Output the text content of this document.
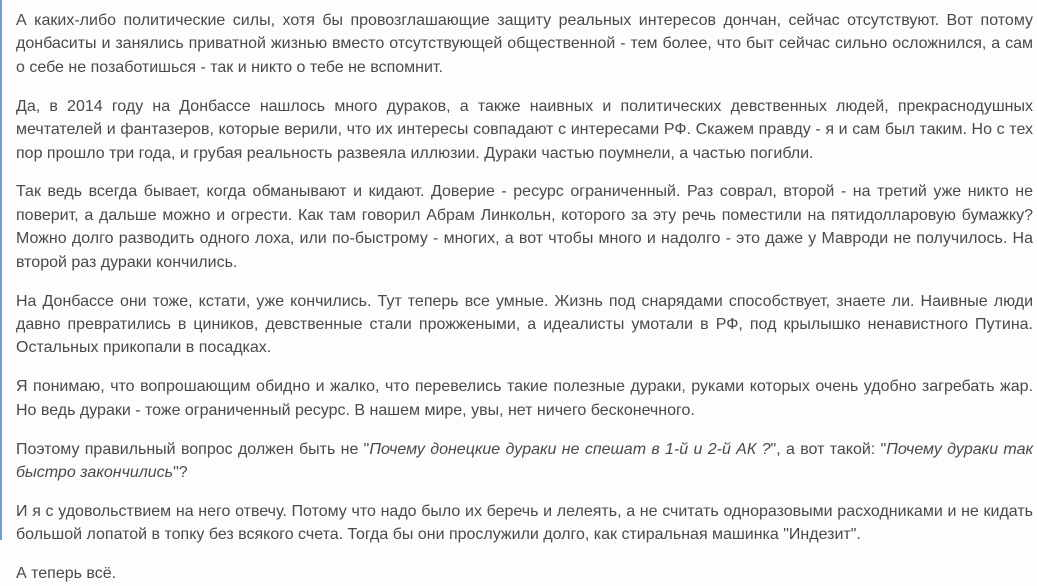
А каких-либо политические силы, хотя бы провозглашающие защиту реальных интересов дончан, сейчас отсутствуют. Вот потому донбаситы и занялись приватной жизнью вместо отсутствующей общественной - тем более, что быт сейчас сильно осложнился, а сам о себе не позаботишься - так и никто о тебе не вспомнит.

Да, в 2014 году на Донбассе нашлось много дураков, а также наивных и политических девственных людей, прекраснодушных мечтателей и фантазеров, которые верили, что их интересы совпадают с интересами РФ. Скажем правду - я и сам был таким. Но с тех пор прошло три года, и грубая реальность развеяла иллюзии. Дураки частью поумнели, а частью погибли.

Так ведь всегда бывает, когда обманывают и кидают. Доверие - ресурс ограниченный. Раз соврал, второй - на третий уже никто не поверит, а дальше можно и огрести. Как там говорил Абрам Линкольн, которого за эту речь поместили на пятидолларовую бумажку? Можно долго разводить одного лоха, или по-быстрому - многих, а вот чтобы много и надолго - это даже у Мавроди не получилось. На второй раз дураки кончились.

На Донбассе они тоже, кстати, уже кончились. Тут теперь все умные. Жизнь под снарядами способствует, знаете ли. Наивные люди давно превратились в циников, девственные стали прожжеными, а идеалисты умотали в РФ, под крылышко ненавистного Путина. Остальных прикопали в посадках.

Я понимаю, что вопрошающим обидно и жалко, что перевелись такие полезные дураки, руками которых очень удобно загребать жар. Но ведь дураки - тоже ограниченный ресурс. В нашем мире, увы, нет ничего бесконечного.

Поэтому правильный вопрос должен быть не "Почему донецкие дураки не спешат в 1-й и 2-й АК ?", а вот такой: "Почему дураки так быстро закончились"?

И я с удовольствием на него отвечу. Потому что надо было их беречь и лелеять, а не считать одноразовыми расходниками и не кидать большой лопатой в топку без всякого счета. Тогда бы они прослужили долго, как стиральная машинка "Индезит".

А теперь всё.
